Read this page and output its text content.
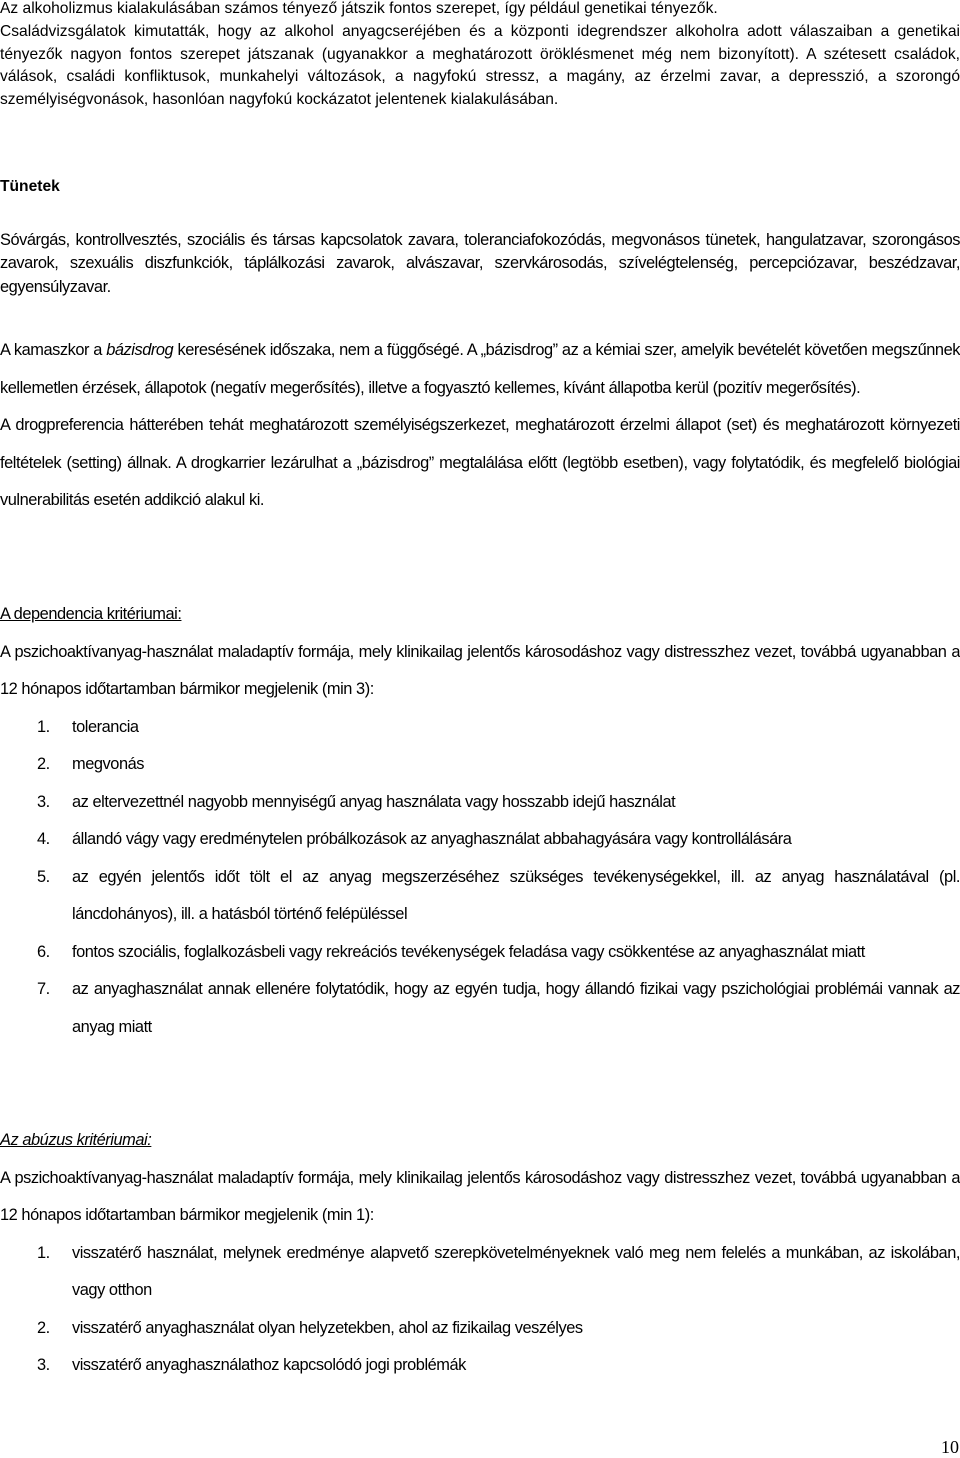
Az alkoholizmus kialakulásában számos tényező játszik fontos szerepet, így például genetikai tényezők.

Családvizsgálatok kimutatták, hogy az alkohol anyagcseréjében és a központi idegrendszer alkoholra adott válaszaiban a genetikai tényezők nagyon fontos szerepet játszanak (ugyanakkor a meghatározott öröklésmenet még nem bizonyított). A szétesett családok, válások, családi konfliktusok, munkahelyi változások, a nagyfokú stressz, a magány, az érzelmi zavar, a depresszió, a szorongó személyiségvonások, hasonlóan nagyfokú kockázatot jelentenek kialakulásában.

Tünetek

Sóvárgás, kontrollvesztés, szociális és társas kapcsolatok zavara, toleranciafokozódás, megvonásos tünetek, hangulatzavar, szorongásos zavarok, szexuális diszfunkciók, táplálkozási zavarok, alvászavar, szervkárosodás, szívelégtelenség, percepciózavar, beszédzavar, egyensúlyzavar.

A kamaszkor a bázisdrog keresésének időszaka, nem a függőségé. A „bázisdrog” az a kémiai szer, amelyik bevételét követően megszűnnek kellemetlen érzések, állapotok (negatív megerősítés), illetve a fogyasztó kellemes, kívánt állapotba kerül (pozitív megerősítés).

A drogpreferencia hátterében tehát meghatározott személyiségszerkezet, meghatározott érzelmi állapot (set) és meghatározott környezeti feltételek (setting) állnak. A drogkarrier lezárulhat a „bázisdrog” megtalálása előtt (legtöbb esetben), vagy folytatódik, és megfelelő biológiai vulnerabilitás esetén addikció alakul ki.

A dependencia kritériumai:

A pszichoaktívanyag-használat maladaptív formája, mely klinikailag jelentős károsodáshoz vagy distresszhez vezet, továbbá ugyanabban a 12 hónapos időtartamban bármikor megjelenik (min 3):

1. tolerancia
2. megvonás
3. az eltervezettnél nagyobb mennyiségű anyag használata vagy hosszabb idejű használat
4. állandó vágy vagy eredménytelen próbálkozások az anyaghasználat abbahagyására vagy kontrollálására
5. az egyén jelentős időt tölt el az anyag megszerzéséhez szükséges tevékenységekkel, ill. az anyag használatával (pl. láncdohányos), ill. a hatásból történő felépüléssel
6. fontos szociális, foglalkozásbeli vagy rekreációs tevékenységek feladása vagy csökkentése az anyaghasználat miatt
7. az anyaghasználat annak ellenére folytatódik, hogy az egyén tudja, hogy állandó fizikai vagy pszichológiai problémái vannak az anyag miatt

Az abúzus kritériumai:

A pszichoaktívanyag-használat maladaptív formája, mely klinikailag jelentős károsodáshoz vagy distresszhez vezet, továbbá ugyanabban a 12 hónapos időtartamban bármikor megjelenik (min 1):

1. visszatérő használat, melynek eredménye alapvető szerepkövetelményeknek való meg nem felelés a munkában, az iskolában, vagy otthon
2. visszatérő anyaghasználat olyan helyzetekben, ahol az fizikailag veszélyes
3. visszatérő anyaghasználathoz kapcsolódó jogi problémák
10
